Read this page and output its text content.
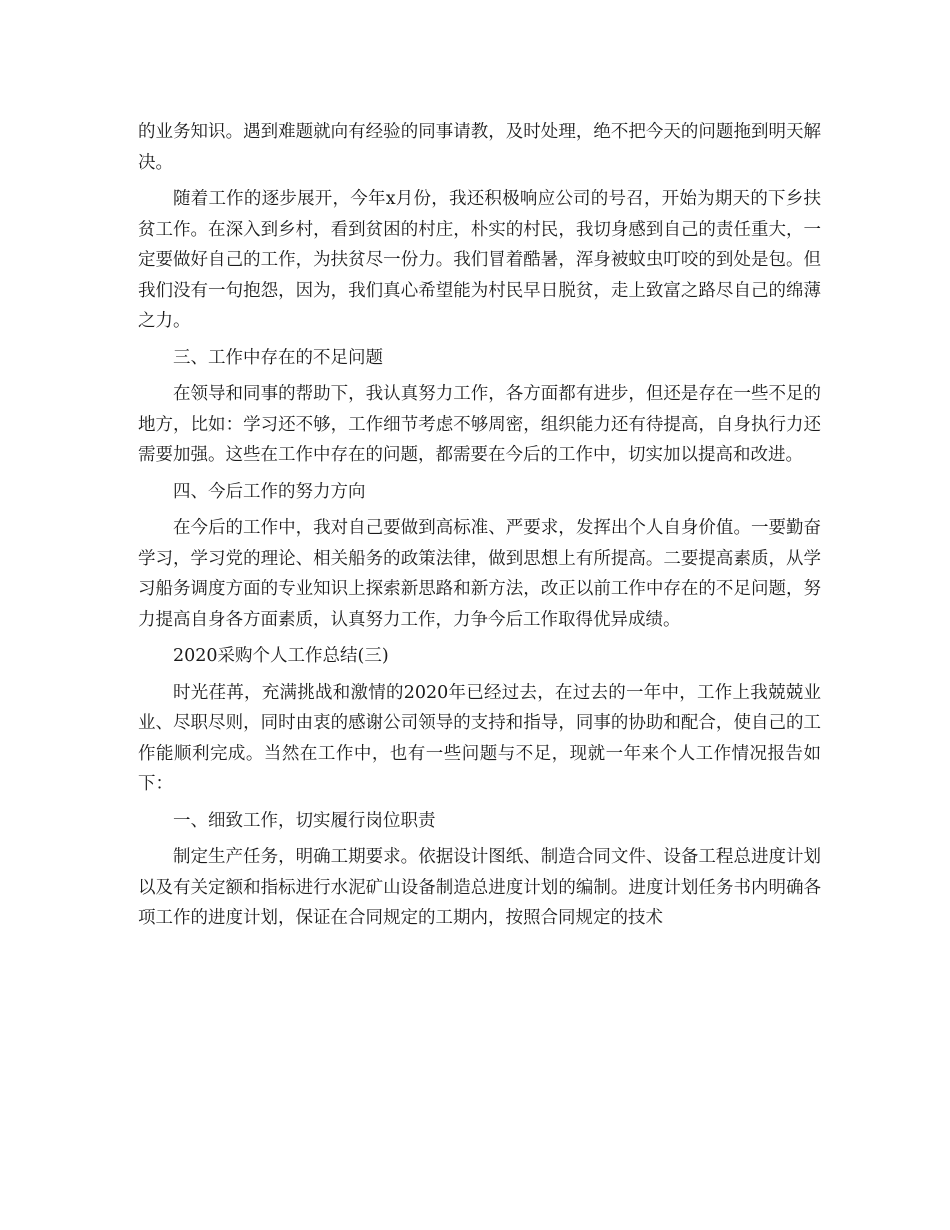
的业务知识。遇到难题就向有经验的同事请教，及时处理，绝不把今天的问题拖到明天解决。

随着工作的逐步展开，今年x月份，我还积极响应公司的号召，开始为期天的下乡扶贫工作。在深入到乡村，看到贫困的村庄，朴实的村民，我切身感到自己的责任重大，一定要做好自己的工作，为扶贫尽一份力。我们冒着酷暑，浑身被蚊虫叮咬的到处是包。但我们没有一句抱怨，因为，我们真心希望能为村民早日脱贫，走上致富之路尽自己的绵薄之力。

三、工作中存在的不足问题

在领导和同事的帮助下，我认真努力工作，各方面都有进步，但还是存在一些不足的地方，比如：学习还不够，工作细节考虑不够周密，组织能力还有待提高，自身执行力还需要加强。这些在工作中存在的问题，都需要在今后的工作中，切实加以提高和改进。

四、今后工作的努力方向

在今后的工作中，我对自己要做到高标准、严要求，发挥出个人自身价值。一要勤奋学习，学习党的理论、相关船务的政策法律，做到思想上有所提高。二要提高素质，从学习船务调度方面的专业知识上探索新思路和新方法，改正以前工作中存在的不足问题，努力提高自身各方面素质，认真努力工作，力争今后工作取得优异成绩。

2020采购个人工作总结(三)

时光荏苒，充满挑战和激情的2020年已经过去，在过去的一年中，工作上我兢兢业业、尽职尽则，同时由衷的感谢公司领导的支持和指导，同事的协助和配合，使自己的工作能顺利完成。当然在工作中，也有一些问题与不足，现就一年来个人工作情况报告如下：

一、细致工作，切实履行岗位职责

制定生产任务，明确工期要求。依据设计图纸、制造合同文件、设备工程总进度计划以及有关定额和指标进行水泥矿山设备制造总进度计划的编制。进度计划任务书内明确各项工作的进度计划，保证在合同规定的工期内，按照合同规定的技术
